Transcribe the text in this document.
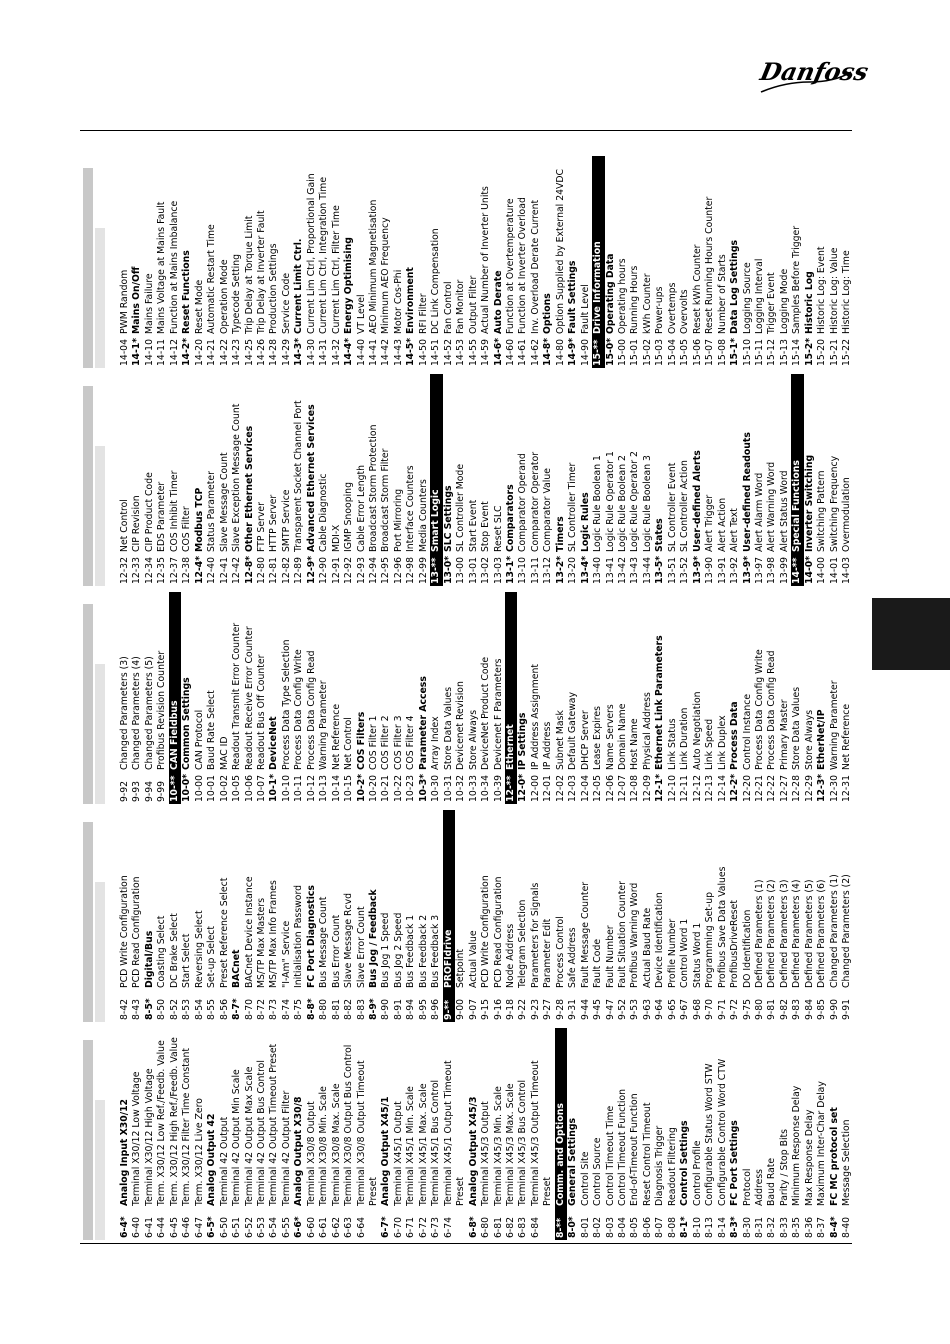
Danfoss
6-4*
Analog Input X30/12
6-40
Terminal X30/12 Low Voltage
6-41
Terminal X30/12 High Voltage
6-44
Term. X30/12 Low Ref./Feedb. Value
6-45
Term. X30/12 High Ref./Feedb. Value
6-46
Term. X30/12 Filter Time Constant
6-47
Term. X30/12 Live Zero
6-5*
Analog Output 42
6-50
Terminal 42 Output
6-51
Terminal 42 Output Min Scale
6-52
Terminal 42 Output Max Scale
6-53
Terminal 42 Output Bus Control
6-54
Terminal 42 Output Timeout Preset
6-55
Terminal 42 Output Filter
6-6*
Analog Output X30/8
6-60
Terminal X30/8 Output
6-61
Terminal X30/8 Min. Scale
6-62
Terminal X30/8 Max. Scale
6-63
Terminal X30/8 Output Bus Control
6-64
Terminal X30/8 Output Timeout Preset
6-7*
Analog Output X45/1
6-70
Terminal X45/1 Output
6-71
Terminal X45/1 Min. Scale
6-72
Terminal X45/1 Max. Scale
6-73
Terminal X45/1 Bus Control
6-74
Terminal X45/1 Output Timeout Preset
6-8*
Analog Output X45/3
6-80
Terminal X45/3 Output
6-81
Terminal X45/3 Min. Scale
6-82
Terminal X45/3 Max. Scale
6-83
Terminal X45/3 Bus Control
6-84
Terminal X45/3 Output Timeout Preset
8-**
Comm. and Options
8-0*
General Settings
8-01
Control Site
8-02
Control Source
8-03
Control Timeout Time
8-04
Control Timeout Function
8-05
End-of-Timeout Function
8-06
Reset Control Timeout
8-07
Diagnosis Trigger
8-08
Readout Filtering
8-1*
Control Settings
8-10
Control Profile
8-13
Configurable Status Word STW
8-14
Configurable Control Word CTW
8-3*
FC Port Settings
8-30
Protocol
8-31
Address
8-32
Baud Rate
8-33
Parity / Stop Bits
8-35
Minimum Response Delay
8-36
Max Response Delay
8-37
Maximum Inter-Char Delay
8-4*
FC MC protocol set
8-40
Message Selection
8-42
PCD Write Configuration
8-43
PCD Read Configuration
8-5*
Digital/Bus
8-50
Coasting Select
8-52
DC Brake Select
8-53
Start Select
8-54
Reversing Select
8-55
Set-up Select
8-56
Preset Reference Select
8-7*
BACnet
8-70
BACnet Device Instance
8-72
MS/TP Max Masters
8-73
MS/TP Max Info Frames
8-74
"I-Am" Service
8-75
Initialisation Password
8-8*
FC Port Diagnostics
8-80
Bus Message Count
8-81
Bus Error Count
8-82
Slave Message Rcvd
8-83
Slave Error Count
8-9*
Bus Jog / Feedback
8-90
Bus Jog 1 Speed
8-91
Bus Jog 2 Speed
8-94
Bus Feedback 1
8-95
Bus Feedback 2
8-96
Bus Feedback 3
9-**
PROFIdrive
9-00
Setpoint
9-07
Actual Value
9-15
PCD Write Configuration
9-16
PCD Read Configuration
9-18
Node Address
9-22
Telegram Selection
9-23
Parameters for Signals
9-27
Parameter Edit
9-28
Process Control
9-31
Safe Address
9-44
Fault Message Counter
9-45
Fault Code
9-47
Fault Number
9-52
Fault Situation Counter
9-53
Profibus Warning Word
9-63
Actual Baud Rate
9-64
Device Identification
9-65
Profile Number
9-67
Control Word 1
9-68
Status Word 1
9-70
Programming Set-up
9-71
Profibus Save Data Values
9-72
ProfibusDriveReset
9-75
DO Identification
9-80
Defined Parameters (1)
9-81
Defined Parameters (2)
9-82
Defined Parameters (3)
9-83
Defined Parameters (4)
9-84
Defined Parameters (5)
9-85
Defined Parameters (6)
9-90
Changed Parameters (1)
9-91
Changed Parameters (2)
9-92
Changed Parameters (3)
9-93
Changed Parameters (4)
9-94
Changed Parameters (5)
9-99
Profibus Revision Counter
10-**
CAN Fieldbus
10-0*
Common Settings
10-00
CAN Protocol
10-01
Baud Rate Select
10-02
MAC ID
10-05
Readout Transmit Error Counter
10-06
Readout Receive Error Counter
10-07
Readout Bus Off Counter
10-1*
DeviceNet
10-10
Process Data Type Selection
10-11
Process Data Config Write
10-12
Process Data Config Read
10-13
Warning Parameter
10-14
Net Reference
10-15
Net Control
10-2*
COS Filters
10-20
COS Filter 1
10-21
COS Filter 2
10-22
COS Filter 3
10-23
COS Filter 4
10-3*
Parameter Access
10-30
Array Index
10-31
Store Data Values
10-32
Devicenet Revision
10-33
Store Always
10-34
DeviceNet Product Code
10-39
Devicenet F Parameters
12-**
Ethernet
12-0*
IP Settings
12-00
IP Address Assignment
12-01
IP Address
12-02
Subnet Mask
12-03
Default Gateway
12-04
DHCP Server
12-05
Lease Expires
12-06
Name Servers
12-07
Domain Name
12-08
Host Name
12-09
Physical Address
12-1*
Ethernet Link Parameters
12-10
Link Status
12-11
Link Duration
12-12
Auto Negotiation
12-13
Link Speed
12-14
Link Duplex
12-2*
Process Data
12-20
Control Instance
12-21
Process Data Config Write
12-22
Process Data Config Read
12-27
Primary Master
12-28
Store Data Values
12-29
Store Always
12-3*
EtherNet/IP
12-30
Warning Parameter
12-31
Net Reference
12-32
Net Control
12-33
CIP Revision
12-34
CIP Product Code
12-35
EDS Parameter
12-37
COS Inhibit Timer
12-38
COS Filter
12-4*
Modbus TCP
12-40
Status Parameter
12-41
Slave Message Count
12-42
Slave Exception Message Count
12-8*
Other Ethernet Services
12-80
FTP Server
12-81
HTTP Server
12-82
SMTP Service
12-89
Transparent Socket Channel Port
12-9*
Advanced Ethernet Services
12-90
Cable Diagnostic
12-91
MDI-X
12-92
IGMP Snooping
12-93
Cable Error Length
12-94
Broadcast Storm Protection
12-95
Broadcast Storm Filter
12-96
Port Mirroring
12-98
Interface Counters
12-99
Media Counters
13-**
Smart Logic
13-0*
SLC Settings
13-00
SL Controller Mode
13-01
Start Event
13-02
Stop Event
13-03
Reset SLC
13-1*
Comparators
13-10
Comparator Operand
13-11
Comparator Operator
13-12
Comparator Value
13-2*
Timers
13-20
SL Controller Timer
13-4*
Logic Rules
13-40
Logic Rule Boolean 1
13-41
Logic Rule Operator 1
13-42
Logic Rule Boolean 2
13-43
Logic Rule Operator 2
13-44
Logic Rule Boolean 3
13-5*
States
13-51
SL Controller Event
13-52
SL Controller Action
13-9*
User-defined Alerts
13-90
Alert Trigger
13-91
Alert Action
13-92
Alert Text
13-9*
User-defined Readouts
13-97
Alert Alarm Word
13-98
Alert Warning Word
13-99
Alert Status Word
14-**
Special Functions
14-0*
Inverter Switching
14-00
Switching Pattern
14-01
Switching Frequency
14-03
Overmodulation
14-04
PWM Random
14-1*
Mains On/Off
14-10
Mains Failure
14-11
Mains Voltage at Mains Fault
14-12
Function at Mains Imbalance
14-2*
Reset Functions
14-20
Reset Mode
14-21
Automatic Restart Time
14-22
Operation Mode
14-23
Typecode Setting
14-25
Trip Delay at Torque Limit
14-26
Trip Delay at Inverter Fault
14-28
Production Settings
14-29
Service Code
14-3*
Current Limit Ctrl.
14-30
Current Lim Ctrl, Proportional Gain
14-31
Current Lim Ctrl, Integration Time
14-32
Current Lim Ctrl, Filter Time
14-4*
Energy Optimising
14-40
VT Level
14-41
AEO Minimum Magnetisation
14-42
Minimum AEO Frequency
14-43
Motor Cos-Phi
14-5*
Environment
14-50
RFI Filter
14-51
DC Link Compensation
14-52
Fan Control
14-53
Fan Monitor
14-55
Output Filter
14-59
Actual Number of Inverter Units
14-6*
Auto Derate
14-60
Function at Overtemperature
14-61
Function at Inverter Overload
14-62
Inv. Overload Derate Current
14-8*
Options
14-80
Option Supplied by External 24VDC
14-9*
Fault Settings
14-90
Fault Level
15-**
Drive Information
15-0*
Operating Data
15-00
Operating hours
15-01
Running Hours
15-02
kWh Counter
15-03
Power-ups
15-04
Overtemps
15-05
Overvolts
15-06
Reset kWh Counter
15-07
Reset Running Hours Counter
15-08
Number of Starts
15-1*
Data Log Settings
15-10
Logging Source
15-11
Logging Interval
15-12
Trigger Event
15-13
Logging Mode
15-14
Samples Before Trigger
15-2*
Historic Log
15-20
Historic Log: Event
15-21
Historic Log: Value
15-22
Historic Log: Time
